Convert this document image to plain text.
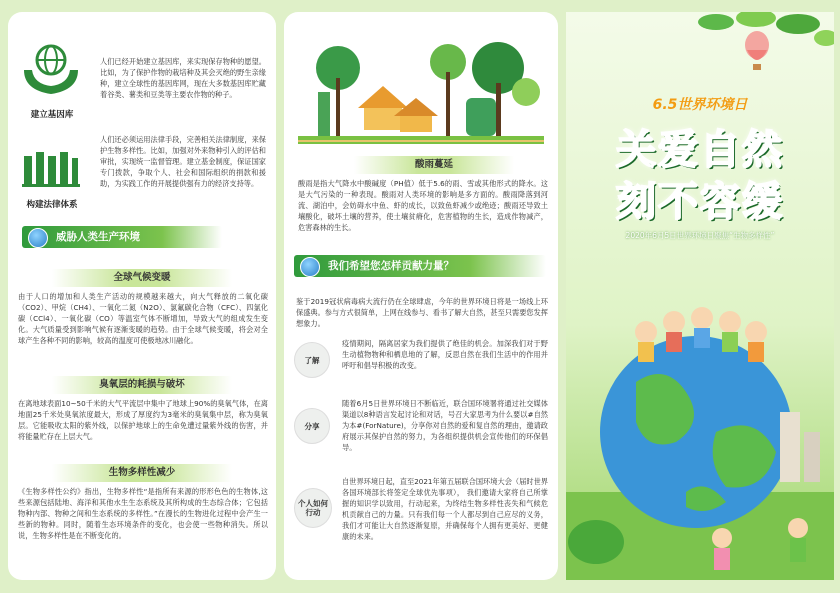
建立基因库

人们已经开始建立基因库，来实现保存物种的愿望。比如，为了保护作物的栽培种及其会灭绝的野生亲缘种，建立全球性的基因库网，现在大多数基因库贮藏着谷类、薯类和豆类等主要农作物的种子。

构建法律体系

人们还必须运用法律手段，完善相关法律制度，来保护生物多样性。比如，加强对外来物种引入的评估和审批，实现统一监督管理。建立基金制度，保证国家专门拨款，争取个人、社会和国际组织的捐款和援助，为实践工作的开展提供强有力的经济支持等。

威胁人类生产环境
全球气候变暖

由于人口的增加和人类生产活动的规模越来越大，向大气释放的二氧化碳（CO2）、甲烷（CH4）、一氧化二氮（N2O）、氯氟碳化合物（CFC）、四氯化碳（CCl4）、一氧化碳（CO）等温室气体不断增加，导致大气的组成发生变化。大气质量受到影响气候有逐渐变暖的趋势。由于全球气候变暖，将会对全球产生各种不同的影响，较高的温度可使极地冰川融化。

臭氧层的耗损与破坏

在离地球表面10~50千米的大气平流层中集中了地球上90%的臭氧气体，在离地面25千米处臭氧浓度最大，形成了厚度约为3毫米的臭氧集中层，称为臭氧层。它能吸收太阳的紫外线，以保护地球上的生命免遭过量紫外线的伤害，并将能量贮存在上层大气。

生物多样性减少

《生物多样性公约》指出，生物多样性“是指所有来源的形形色色的生物体,这些来源包括陆地、海洋和其他水生生态系统及其所构成的生态综合体；它包括物种内部、物种之间和生态系统的多样性。”在漫长的生物进化过程中会产生一些新的物种。同时，随着生态环境条件的变化，也会使一些物种消失。所以说，生物多样性是在不断变化的。

酸雨蔓延

酸雨是指大气降水中酸碱度（PH值）低于5.6的雨、雪或其他形式的降水。这是大气污染的一种表现。酸雨对人类环境的影响是多方面的。酸雨降落到河流、湖泊中，会妨碍水中鱼、虾的成长，以致鱼虾减少或绝迹；酸雨还导致土壤酸化，破坏土壤的营养，使土壤贫瘠化，危害植物的生长，造成作物减产，危害森林的生长。

我们希望您怎样贡献力量？

鉴于2019冠状病毒病大流行仍在全球肆虐，今年的世界环境日将是一场线上环保盛典。参与方式很简单，上网在线参与、看书了解大自然，甚至只需要您发挥想象力。

了解

疫情期间，隔离居家为我们提供了绝佳的机会。加深我们对于野生动植物物种和栖息地的了解，反思自然在我们生活中的作用并呼吁和倡导积极的改变。

分享

随着6月5日世界环境日不断临近，联合国环境署将通过社交媒体渠道以8种语言发起讨论和对话，号召大家思考为什么要以#自然为本#(ForNature)，分享你对自然的爱和复自然的理由，邀请政府展示其保护自然的努力，为各组织提供机会宣传他们的环保倡导。

个人如何行动

自世界环境日起，直至2021年第五届联合国环境大会（届时世界各国环境部长将签定全球优先事项）， 我们邀请大家将自己所掌握的知识学以致用，行动起来，为终结生物多样性丧失和气候危机贡献自己的力量。只有我们每一个人都尽到自己应尽的义务，我们才可能让大自然逐渐复原，并确保每个人拥有更美好、更健康的未来。

6.5世界环境日
关爱自然
刻不容缓
2020年6月5日世界环境日聚焦“生物多样性”
